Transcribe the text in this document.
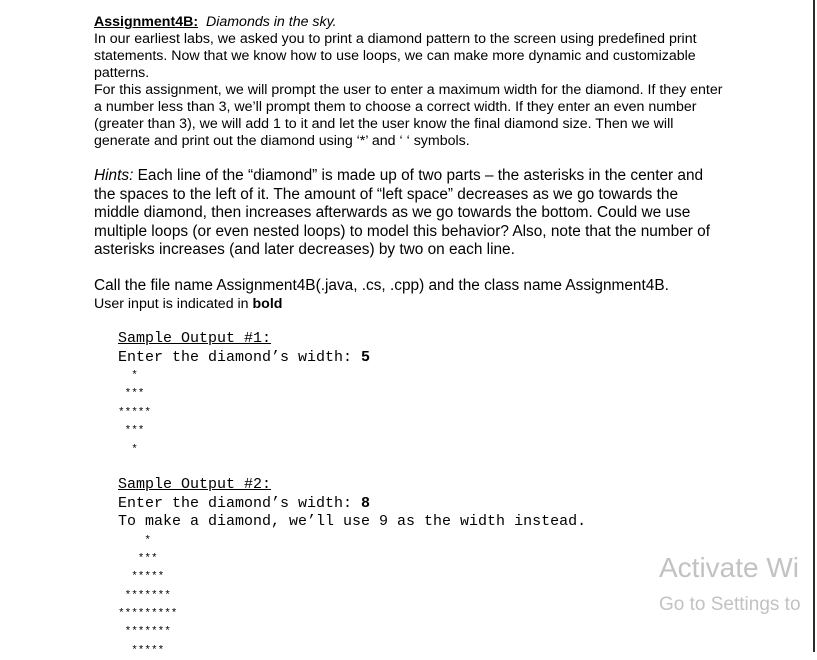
Assignment4B: Diamonds in the sky.

In our earliest labs, we asked you to print a diamond pattern to the screen using predefined print statements. Now that we know how to use loops, we can make more dynamic and customizable patterns.

For this assignment, we will prompt the user to enter a maximum width for the diamond. If they enter a number less than 3, we’ll prompt them to choose a correct width. If they enter an even number (greater than 3), we will add 1 to it and let the user know the final diamond size. Then we will generate and print out the diamond using ‘*’ and ‘ ‘ symbols.

Hints: Each line of the “diamond” is made up of two parts – the asterisks in the center and the spaces to the left of it. The amount of “left space” decreases as we go towards the middle diamond, then increases afterwards as we go towards the bottom. Could we use multiple loops (or even nested loops) to model this behavior? Also, note that the number of asterisks increases (and later decreases) by two on each line.

Call the file name Assignment4B(.java, .cs, .cpp) and the class name Assignment4B.

User input is indicated in bold

Sample Output #1:
Enter the diamond’s width: 5
*
***
*****
***
*
Sample Output #2:
Enter the diamond’s width: 8
To make a diamond, we’ll use 9 as the width instead.
*
***
*****
*******
*********
*******
*****
Activate Wi
Go to Settings to
